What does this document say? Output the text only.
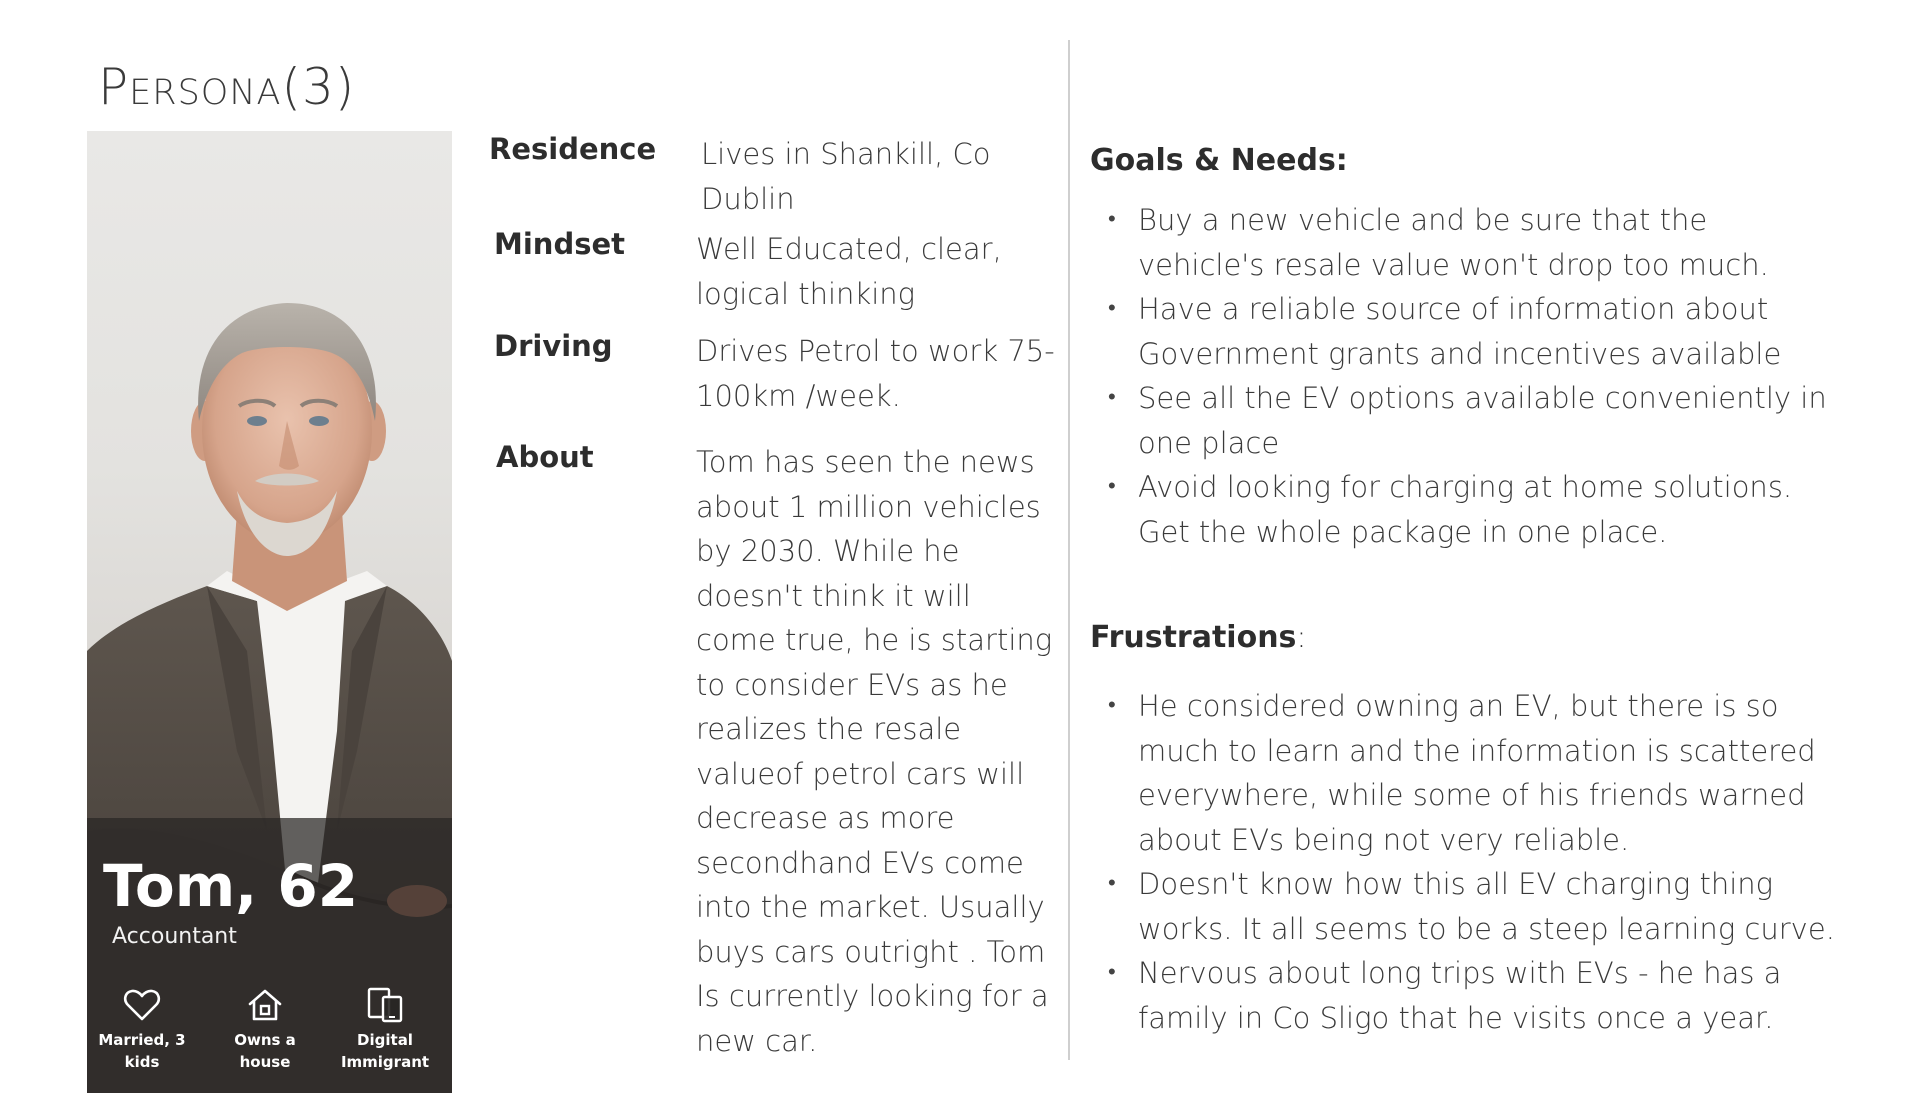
Persona(3)
Tom, 62
Accountant
Married, 3 kids
Owns a house
Digital Immigrant
Residence Lives in Shankill, Co Dublin
Mindset Well Educated, clear, logical thinking
Driving	Drives Petrol to work 75-100km /week.
About	Tom has seen the news about 1 million vehicles by 2030. While he doesn't think it will come true, he is starting to consider EVs as he realizes the resale valueof petrol cars will decrease as more secondhand EVs come into the market. Usually buys cars outright . Tom Is currently looking for a new car.
Goals & Needs:
• Buy a new vehicle and be sure that the vehicle's resale value won't drop too much.
• Have a reliable source of information about Government grants and incentives available
• See all the EV options available conveniently in one place
• Avoid looking for charging at home solutions. Get the whole package in one place.
Frustrations:
• He considered owning an EV, but there is so much to learn and the information is scattered everywhere, while some of his friends warned about EVs being not very reliable.
• Doesn't know how this all EV charging thing works. It all seems to be a steep learning curve.
• Nervous about long trips with EVs - he has a family in Co Sligo that he visits once a year.
